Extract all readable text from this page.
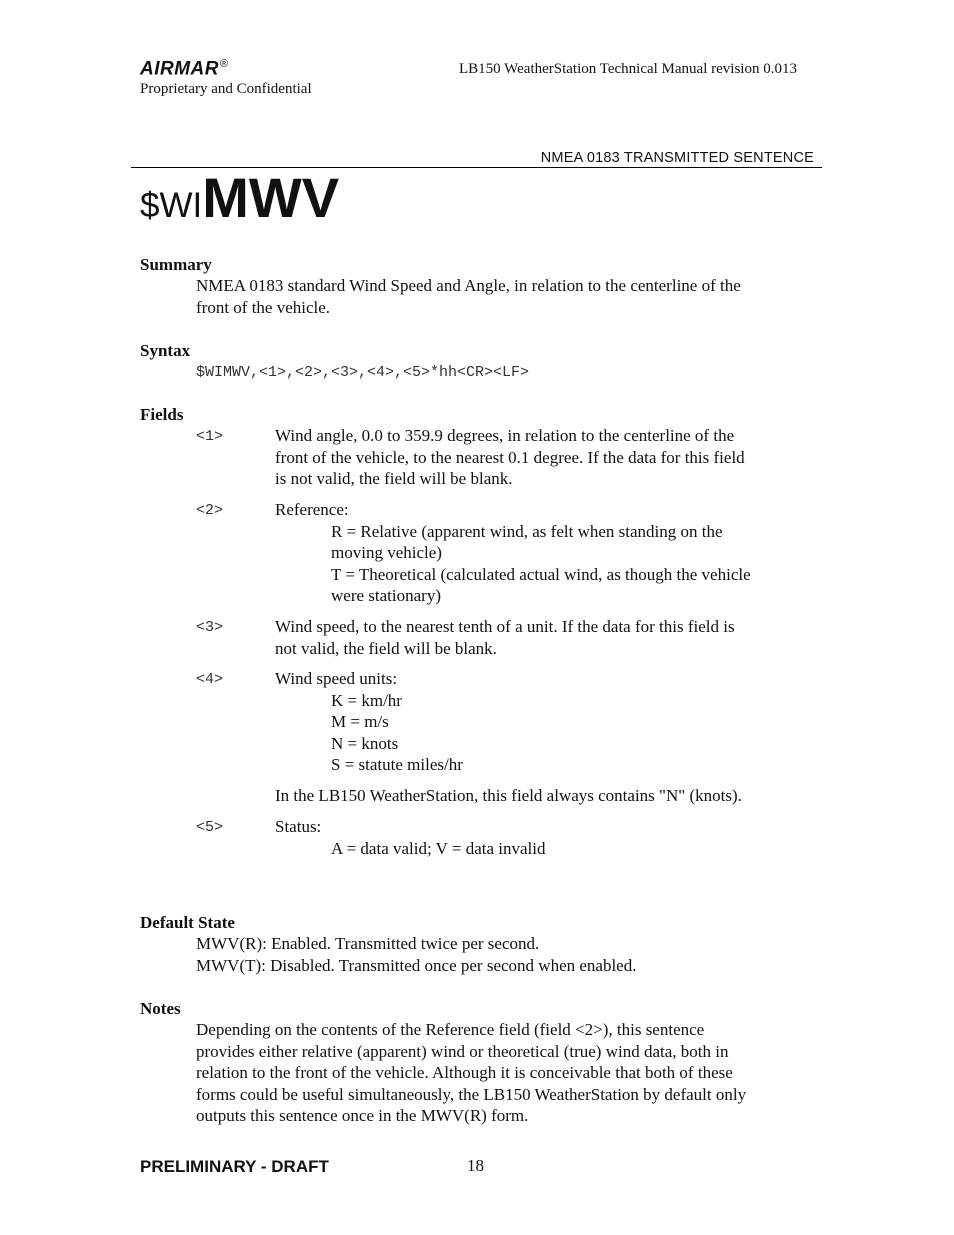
AIRMAR®
Proprietary and Confidential
LB150 WeatherStation Technical Manual revision 0.013
NMEA 0183 TRANSMITTED SENTENCE
$WIMWV
Summary
NMEA 0183 standard Wind Speed and Angle, in relation to the centerline of the
front of the vehicle.
Syntax
$WIMWV,<1>,<2>,<3>,<4>,<5>*hh<CR><LF>
Fields
<1>	Wind angle, 0.0 to 359.9 degrees, in relation to the centerline of the
front of the vehicle, to the nearest 0.1 degree. If the data for this field
is not valid, the field will be blank.
<2>	Reference:
R = Relative (apparent wind, as felt when standing on the
moving vehicle)
T = Theoretical (calculated actual wind, as though the vehicle
were stationary)
<3>	Wind speed, to the nearest tenth of a unit. If the data for this field is
not valid, the field will be blank.
<4>	Wind speed units:
K = km/hr
M = m/s
N = knots
S = statute miles/hr
In the LB150 WeatherStation, this field always contains "N" (knots).
<5>	Status:
A = data valid; V = data invalid
Default State
MWV(R): Enabled. Transmitted twice per second.
MWV(T): Disabled. Transmitted once per second when enabled.
Notes
Depending on the contents of the Reference field (field <2>), this sentence
provides either relative (apparent) wind or theoretical (true) wind data, both in
relation to the front of the vehicle. Although it is conceivable that both of these
forms could be useful simultaneously, the LB150 WeatherStation by default only
outputs this sentence once in the MWV(R) form.
PRELIMINARY - DRAFT	18
